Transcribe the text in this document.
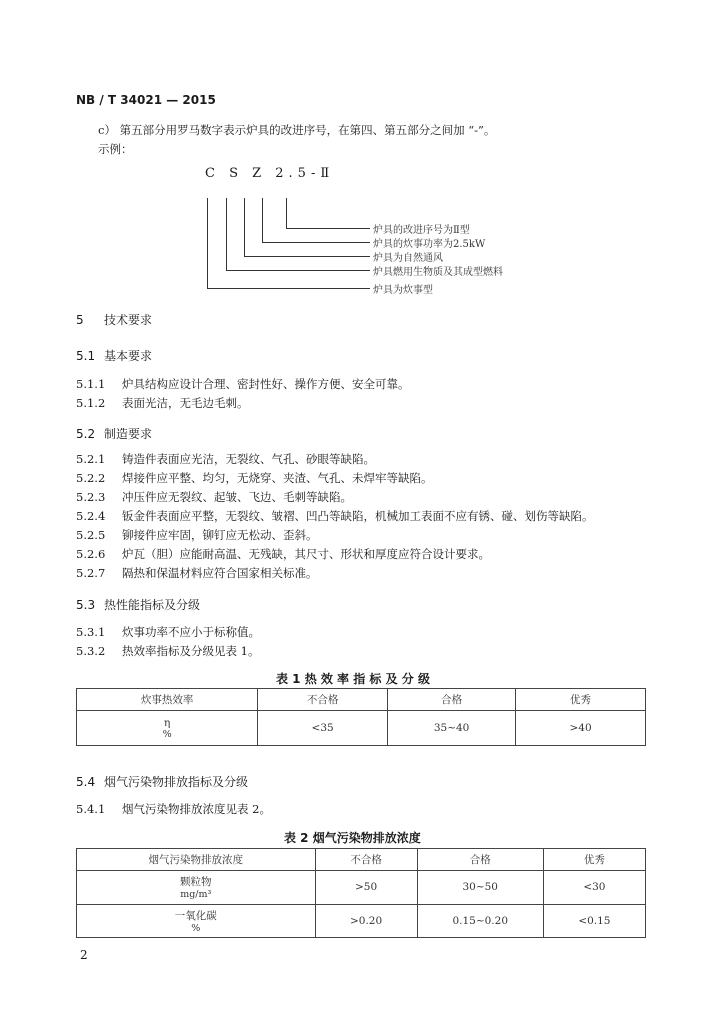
NB / T 34021 — 2015
c） 第五部分用罗马数字表示炉具的改进序号，在第四、第五部分之间加 “-”。
示例：
C S Z 2.5-Ⅱ
炉具的改进序号为Ⅱ型
炉具的炊事功率为2.5kW
炉具为自然通风
炉具燃用生物质及其成型燃料
炉具为炊事型
5 技术要求
5.1 基本要求
5.1.1 炉具结构应设计合理、密封性好、操作方便、安全可靠。
5.1.2 表面光洁，无毛边毛刺。
5.2 制造要求
5.2.1 铸造件表面应光洁，无裂纹、气孔、砂眼等缺陷。
5.2.2 焊接件应平整、均匀，无烧穿、夹渣、气孔、未焊牢等缺陷。
5.2.3 冲压件应无裂纹、起皱、飞边、毛刺等缺陷。
5.2.4 钣金件表面应平整，无裂纹、皱褶、凹凸等缺陷，机械加工表面不应有锈、碰、划伤等缺陷。
5.2.5 铆接件应牢固，铆钉应无松动、歪斜。
5.2.6 炉瓦（胆）应能耐高温、无残缺，其尺寸、形状和厚度应符合设计要求。
5.2.7 隔热和保温材料应符合国家相关标准。
5.3 热性能指标及分级
5.3.1 炊事功率不应小于标称值。
5.3.2 热效率指标及分级见表 1。
表 1 热 效 率 指 标 及 分 级
炊事热效率	不合格	合格	优秀

η
%	<35	35~40	>40
5.4 烟气污染物排放指标及分级
5.4.1 烟气污染物排放浓度见表 2。
表 2 烟气污染物排放浓度
烟气污染物排放浓度	不合格	合格	优秀

颗粒物
mg/m³	>50	30~50	<30

一氧化碳
%	>0.20	0.15~0.20	<0.15
2
